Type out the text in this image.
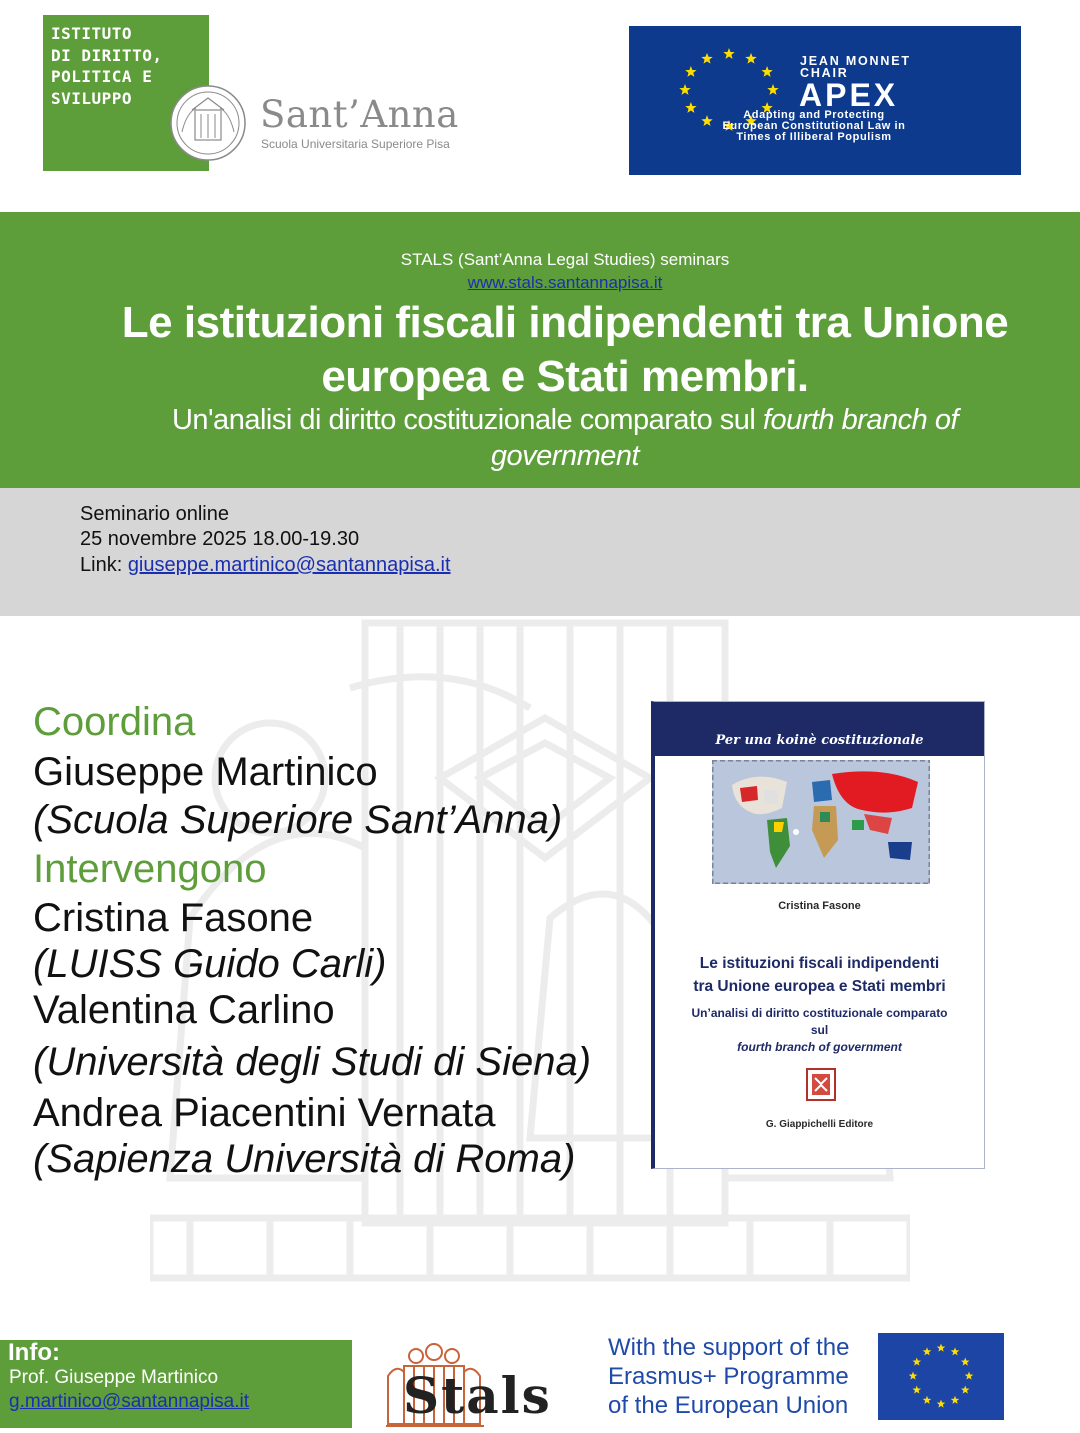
ISTITUTO
DI DIRITTO,
POLITICA E
SVILUPPO	Sant’Anna
Scuola Universitaria Superiore Pisa
JEAN MONNET
CHAIR
APEX
Adapting and Protecting
European Constitutional Law in
Times of Illiberal Populism
STALS (Sant’Anna Legal Studies) seminars
www.stals.santannapisa.it
Le istituzioni fiscali indipendenti tra Unione europea e Stati membri.
Un'analisi di diritto costituzionale comparato sul fourth branch of government
Seminario online
25 novembre 2025 18.00-19.30
Link: giuseppe.martinico@santannapisa.it
Coordina
Giuseppe Martinico
(Scuola Superiore Sant’Anna)
Intervengono
Cristina Fasone
(LUISS Guido Carli)
Valentina Carlino
(Università degli Studi di Siena)
Andrea Piacentini Vernata
(Sapienza Università di Roma)
Per una koinè costituzionale
Cristina Fasone
Le istituzioni fiscali indipendenti
tra Unione europea e Stati membri
Un’analisi di diritto costituzionale comparato
sul
fourth branch of government
G. Giappichelli Editore
Info:
Prof. Giuseppe Martinico
g.martinico@santannapisa.it	Stals
With the support of the
Erasmus+ Programme
of the European Union
